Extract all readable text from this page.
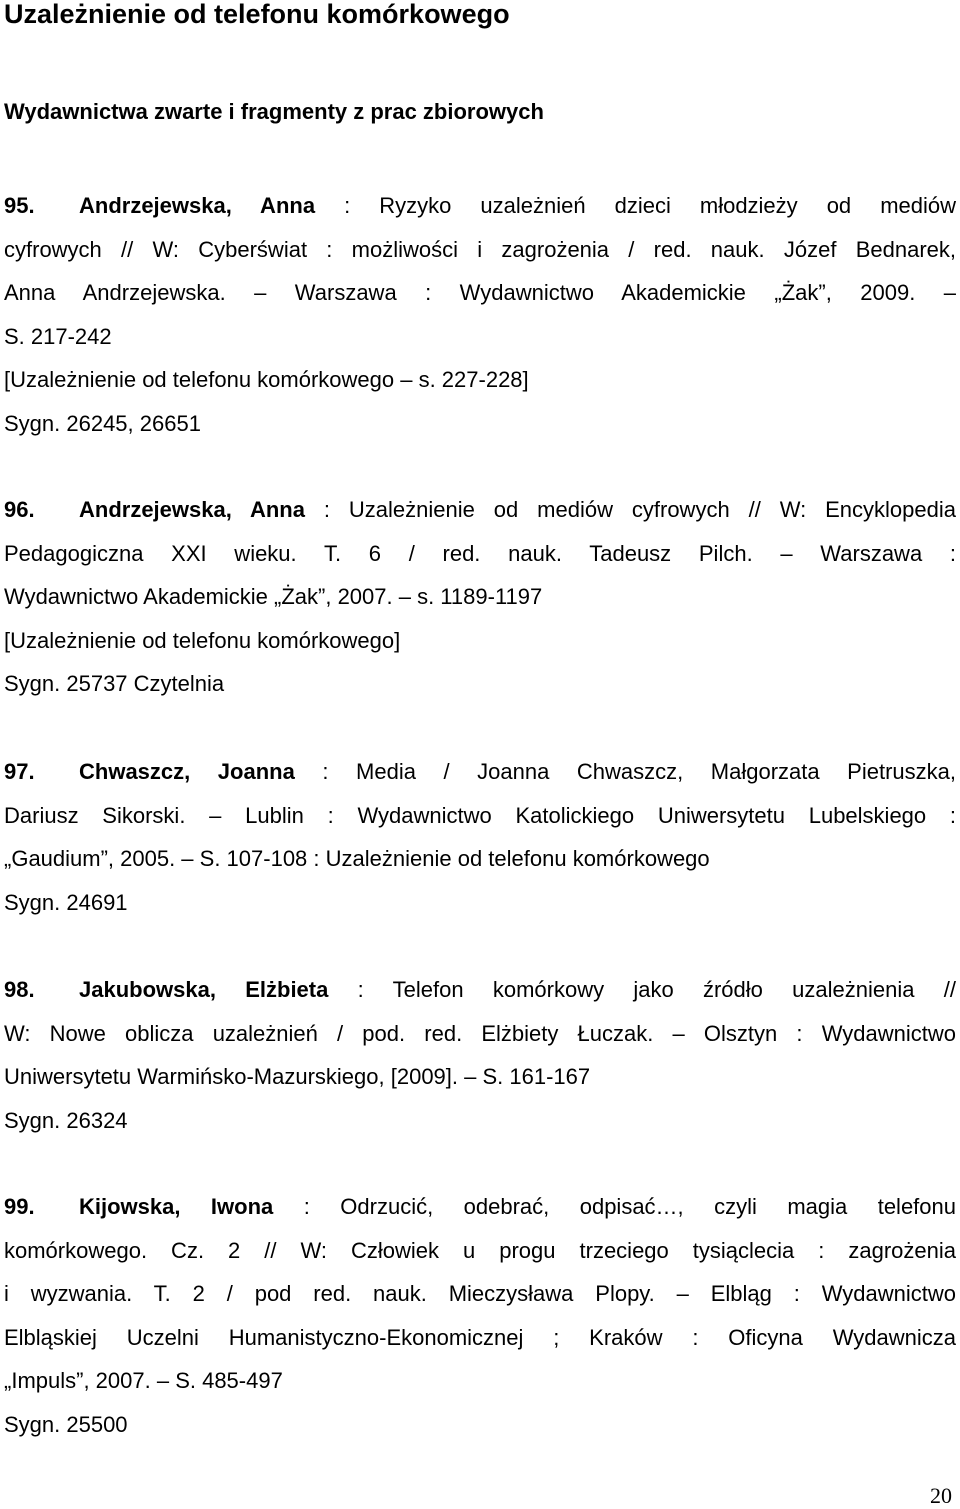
Uzależnienie od telefonu komórkowego
Wydawnictwa zwarte i fragmenty z prac zbiorowych
95. Andrzejewska, Anna : Ryzyko uzależnień dzieci młodzieży od mediów
cyfrowych // W: Cyberświat : możliwości i zagrożenia / red. nauk. Józef Bednarek,
Anna Andrzejewska. – Warszawa : Wydawnictwo Akademickie „Żak”, 2009. –
S. 217-242
[Uzależnienie od telefonu komórkowego – s. 227-228]
Sygn. 26245, 26651
96. Andrzejewska, Anna : Uzależnienie od mediów cyfrowych // W: Encyklopedia
Pedagogiczna XXI wieku. T. 6 / red. nauk. Tadeusz Pilch. – Warszawa :
Wydawnictwo Akademickie „Żak”, 2007. – s. 1189-1197
[Uzależnienie od telefonu komórkowego]
Sygn. 25737 Czytelnia
97. Chwaszcz, Joanna : Media / Joanna Chwaszcz, Małgorzata Pietruszka,
Dariusz Sikorski. – Lublin : Wydawnictwo Katolickiego Uniwersytetu Lubelskiego :
„Gaudium”, 2005. – S. 107-108 : Uzależnienie od telefonu komórkowego
Sygn. 24691
98. Jakubowska, Elżbieta : Telefon komórkowy jako źródło uzależnienia //
W: Nowe oblicza uzależnień / pod. red. Elżbiety Łuczak. – Olsztyn : Wydawnictwo
Uniwersytetu Warmińsko-Mazurskiego, [2009]. – S. 161-167
Sygn. 26324
99. Kijowska, Iwona : Odrzucić, odebrać, odpisać…, czyli magia telefonu
komórkowego. Cz. 2 // W: Człowiek u progu trzeciego tysiąclecia : zagrożenia
i wyzwania. T. 2 / pod red. nauk. Mieczysława Plopy. – Elbląg : Wydawnictwo
Elbląskiej Uczelni Humanistyczno-Ekonomicznej ; Kraków : Oficyna Wydawnicza
„Impuls”, 2007. – S. 485-497
Sygn. 25500
20
